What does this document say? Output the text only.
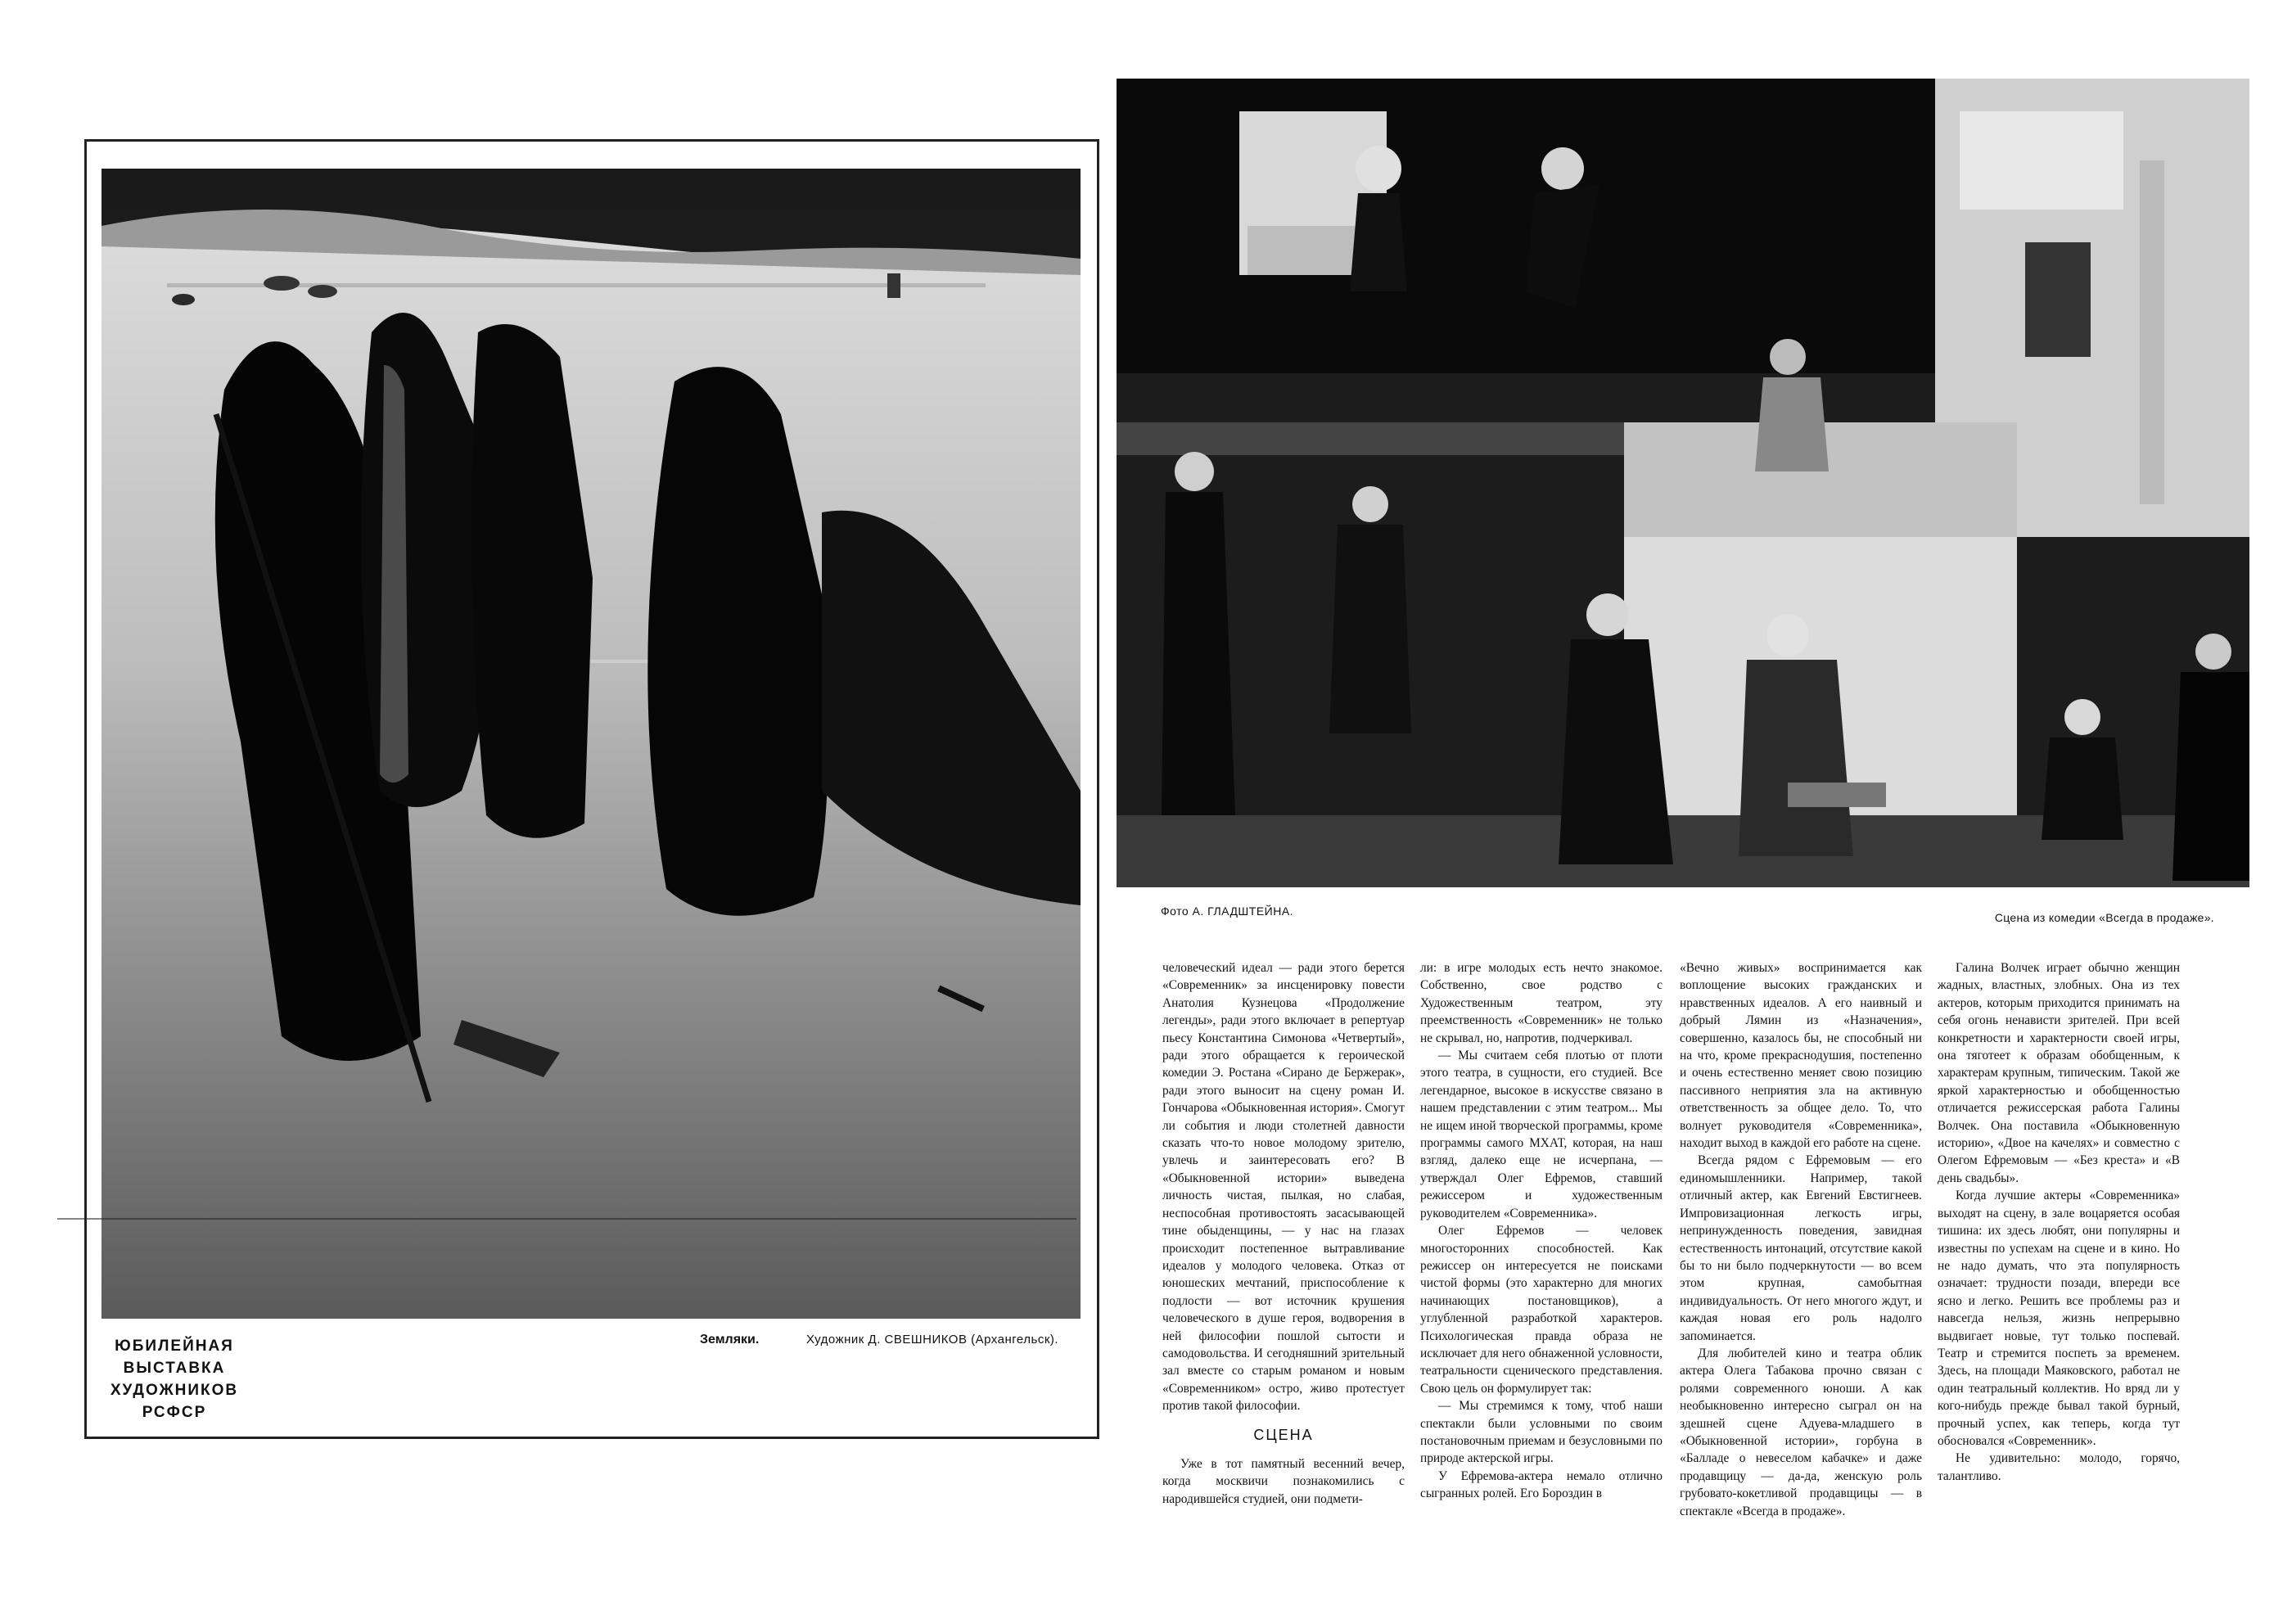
ЮБИЛЕЙНАЯ
ВЫСТАВКА
ХУДОЖНИКОВ
РСФСР
Земляки.	Художник Д. СВЕШНИКОВ (Архангельск).
Фото А. ГЛАДШТЕЙНА.	Сцена из комедии «Всегда в продаже».

человеческий идеал — ради этого берется «Современник» за инсценировку повести Анатолия Кузнецова «Продолжение легенды», ради этого включает в репертуар пьесу Константина Симонова «Четвертый», ради этого обращается к героической комедии Э. Ростана «Сирано де Бержерак», ради этого выносит на сцену роман И. Гончарова «Обыкновенная история». Смогут ли события и люди столетней давности сказать что-то новое молодому зрителю, увлечь и заинтересовать его? В «Обыкновенной истории» выведена личность чистая, пылкая, но слабая, неспособная противостоять засасывающей тине обыденщины, — у нас на глазах происходит постепенное вытравливание идеалов у молодого человека. Отказ от юношеских мечтаний, приспособление к подлости — вот источник крушения человеческого в душе героя, водворения в ней философии пошлой сытости и самодовольства. И сегодняшний зрительный зал вместе со старым романом и новым «Современником» остро, живо протестует против такой философии.

СЦЕНА

Уже в тот памятный весенний вечер, когда москвичи познакомились с народившейся студией, они подмети-

ли: в игре молодых есть нечто знакомое. Собственно, свое родство с Художественным театром, эту преемственность «Современник» не только не скрывал, но, напротив, подчеркивал.

— Мы считаем себя плотью от плоти этого театра, в сущности, его студией. Все легендарное, высокое в искусстве связано в нашем представлении с этим театром... Мы не ищем иной творческой программы, кроме программы самого МХАТ, которая, на наш взгляд, далеко еще не исчерпана, — утверждал Олег Ефремов, ставший режиссером и художественным руководителем «Современника».

Олег Ефремов — человек многосторонних способностей. Как режиссер он интересуется не поисками чистой формы (это характерно для многих начинающих постановщиков), а углубленной разработкой характеров. Психологическая правда образа не исключает для него обнаженной условности, театральности сценического представления. Свою цель он формулирует так:

— Мы стремимся к тому, чтоб наши спектакли были условными по своим постановочным приемам и безусловными по природе актерской игры.

У Ефремова-актера немало отлично сыгранных ролей. Его Бороздин в

«Вечно живых» воспринимается как воплощение высоких гражданских и нравственных идеалов. А его наивный и добрый Лямин из «Назначения», совершенно, казалось бы, не способный ни на что, кроме прекраснодушия, постепенно и очень естественно меняет свою позицию пассивного неприятия зла на активную ответственность за общее дело. То, что волнует руководителя «Современника», находит выход в каждой его работе на сцене.

Всегда рядом с Ефремовым — его единомышленники. Например, такой отличный актер, как Евгений Евстигнеев. Импровизационная легкость игры, непринужденность поведения, завидная естественность интонаций, отсутствие какой бы то ни было подчеркнутости — во всем этом крупная, самобытная индивидуальность. От него многого ждут, и каждая новая его роль надолго запоминается.

Для любителей кино и театра облик актера Олега Табакова прочно связан с ролями современного юноши. А как необыкновенно интересно сыграл он на здешней сцене Адуева-младшего в «Обыкновенной истории», горбуна в «Балладе о невеселом кабачке» и даже продавщицу — да-да, женскую роль грубовато-кокетливой продавщицы — в спектакле «Всегда в продаже».

Галина Волчек играет обычно женщин жадных, властных, злобных. Она из тех актеров, которым приходится принимать на себя огонь ненависти зрителей. При всей конкретности и характерности своей игры, она тяготеет к образам обобщенным, к характерам крупным, типическим. Такой же яркой характерностью и обобщенностью отличается режиссерская работа Галины Волчек. Она поставила «Обыкновенную историю», «Двое на качелях» и совместно с Олегом Ефремовым — «Без креста» и «В день свадьбы».

Когда лучшие актеры «Современника» выходят на сцену, в зале воцаряется особая тишина: их здесь любят, они популярны и известны по успехам на сцене и в кино. Но не надо думать, что эта популярность означает: трудности позади, впереди все ясно и легко. Решить все проблемы раз и навсегда нельзя, жизнь непрерывно выдвигает новые, тут только поспевай. Театр и стремится поспеть за временем. Здесь, на площади Маяковского, работал не один театральный коллектив. Но вряд ли у кого-нибудь прежде бывал такой бурный, прочный успех, как теперь, когда тут обосновался «Современник».

Не удивительно: молодо, горячо, талантливо.
